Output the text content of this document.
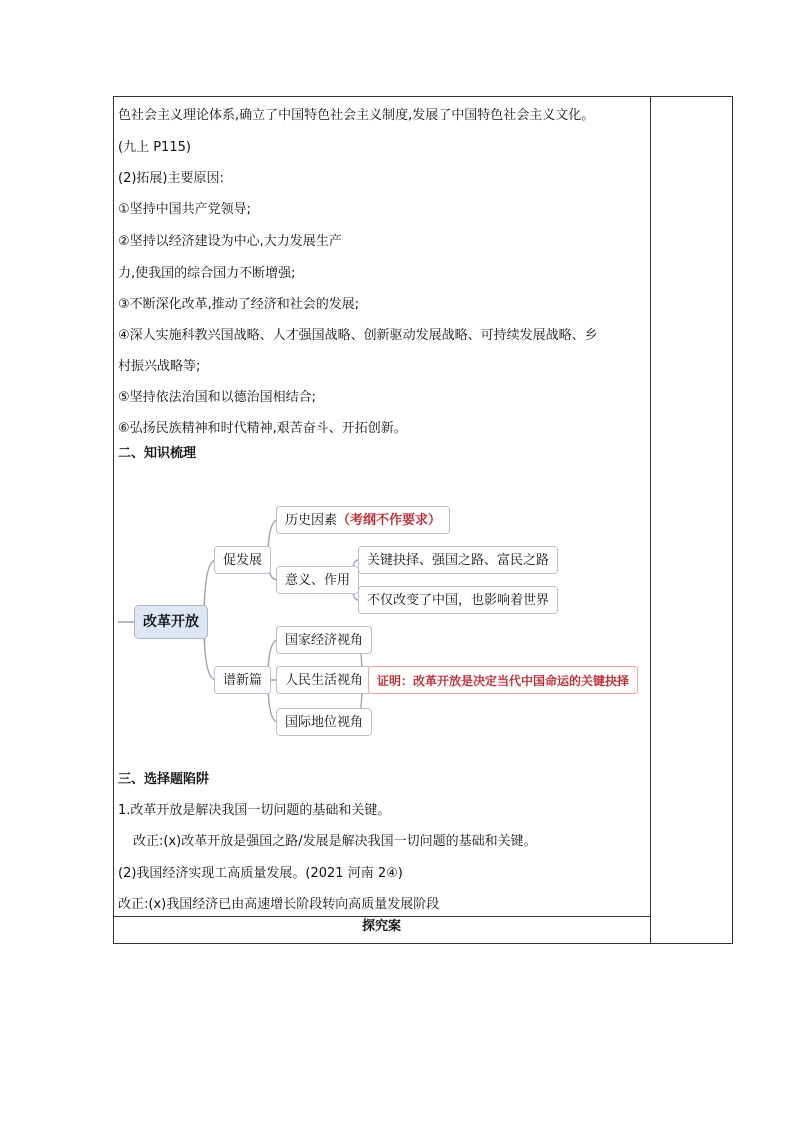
色社会主义理论体系,确立了中国特色社会主义制度,发展了中国特色社会主义文化。
(九上 P115)
(2)拓展)主要原因:
①坚持中国共产党领导;
②坚持以经济建设为中心,大力发展生产
力,使我国的综合国力不断增强;
③不断深化改革,推动了经济和社会的发展;
④深人实施科教兴国战略、人才强国战略、创新驱动发展战略、可持续发展战略、乡
村振兴战略等;
⑤坚持依法治国和以德治国相结合;
⑥弘扬民族精神和时代精神,艰苦奋斗、开拓创新。
二、知识梳理
改革开放
促发展
历史因素（考纲不作要求）
意义、作用
关键抉择、强国之路、富民之路
不仅改变了中国，也影响着世界
谱新篇
国家经济视角
人民生活视角
国际地位视角
证明：改革开放是决定当代中国命运的关键抉择
三、选择题陷阱
1.改革开放是解决我国一切问题的基础和关键。
改正:(x)改革开放是强国之路/发展是解决我国一切问题的基础和关键。
(2)我国经济实现工高质量发展。(2021 河南 2④)
改正:(x)我国经济已由高速增长阶段转向高质量发展阶段
探究案
